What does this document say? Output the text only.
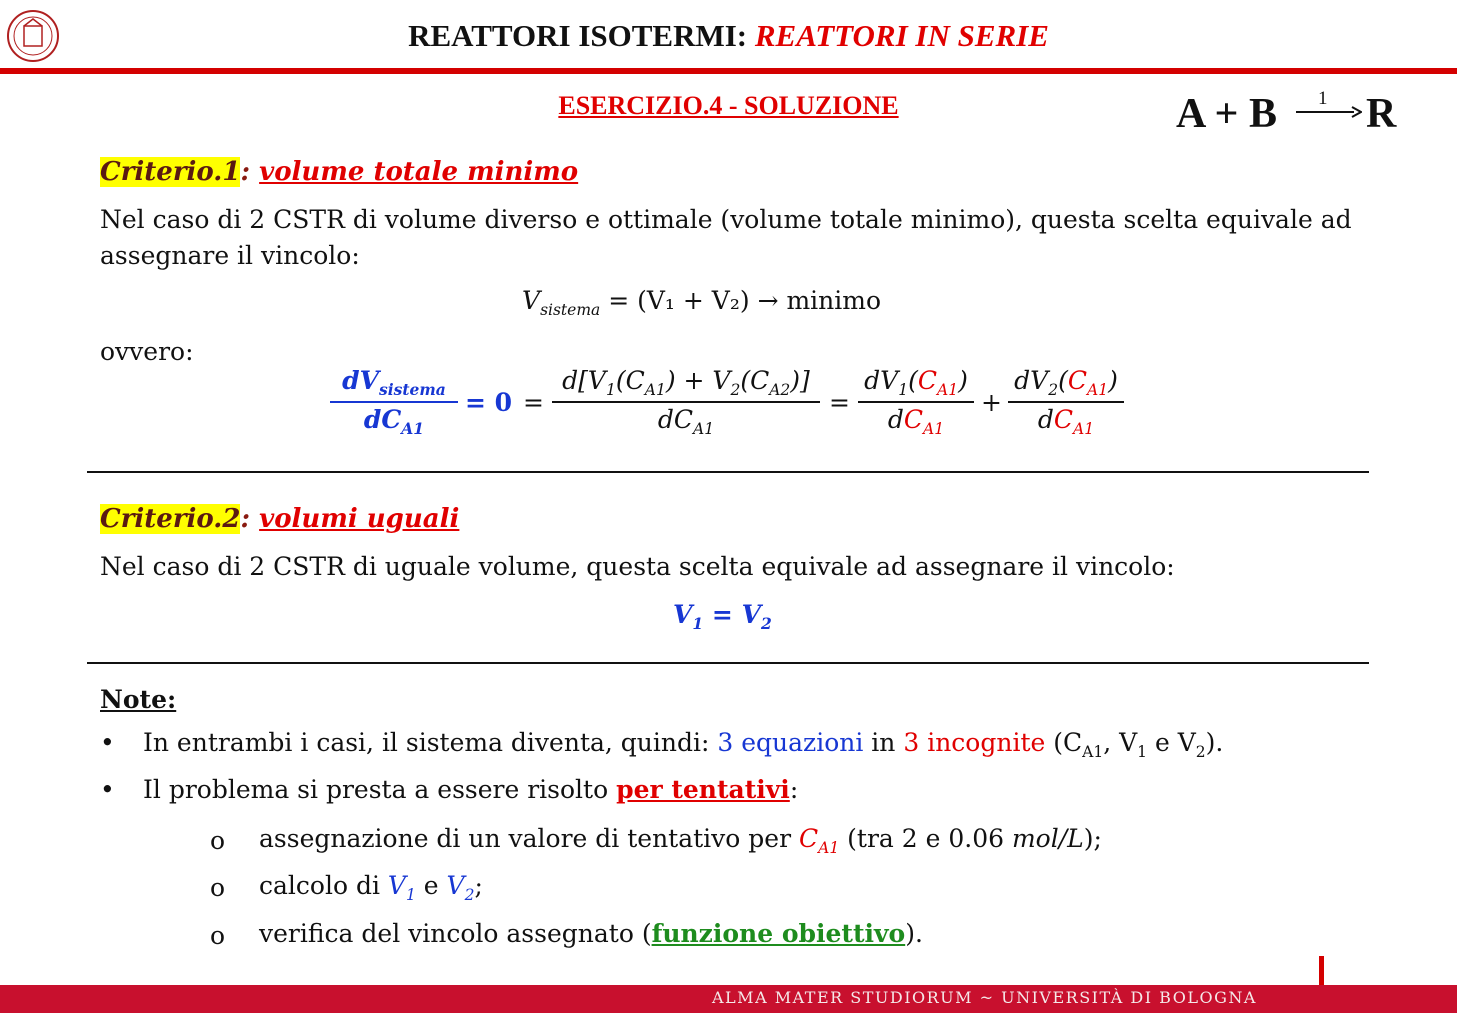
REATTORI ISOTERMI: REATTORI IN SERIE
ESERCIZIO.4 - SOLUZIONE	A + B 1 → R
Criterio.1: volume totale minimo
Nel caso di 2 CSTR di volume diverso e ottimale (volume totale minimo), questa scelta equivale ad
assegnare il vincolo:
$V_{sistema} = (V_1 + V_2)$ → minimo
ovvero:
$dV_{sistema}$
$dC_{A1}$
= 0 =
$d[V_1(C_{A1}) + V_2(C_{A2})]$
$dC_{A1}$
=
$dV_1(C_{A1})$
$dC_{A1}$
+
$dV_2(C_{A1})$
$dC_{A1}$
Criterio.2: volumi uguali
Nel caso di 2 CSTR di uguale volume, questa scelta equivale ad assegnare il vincolo:
$V_1 = V_2$
Note:
• In entrambi i casi, il sistema diventa, quindi: 3 equazioni in 3 incognite ($C_{A1}$, $V_1$ e $V_2$).
• Il problema si presta a essere risolto per tentativi:
o assegnazione di un valore di tentativo per $C_{A1}$ (tra 2 e 0.06 mol/L);
o calcolo di $V_1$ e $V_2$;
o verifica del vincolo assegnato (funzione obiettivo).
ALMA MATER STUDIORUM ~ UNIVERSITÀ DI BOLOGNA
